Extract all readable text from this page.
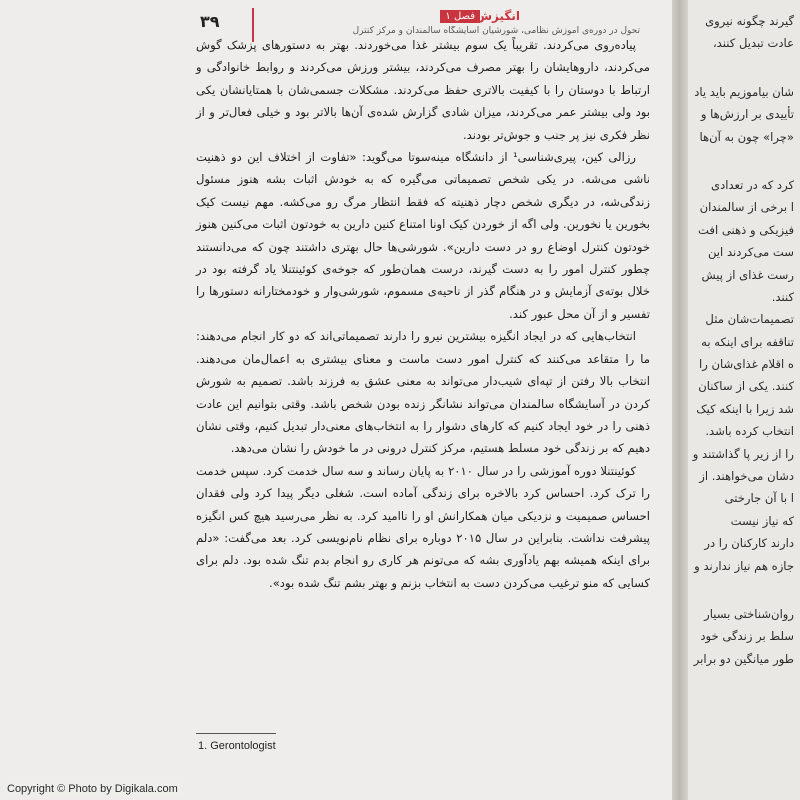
۳۹	فصل ۱ انگیزش
تحول در دوره‌ی آموزش نظامی، شورشیان آسایشگاه سالمندان و مرکز کنترل

پیاده‌روی می‌کردند. تقریباً یک سوم بیشتر غذا می‌خوردند. بهتر به دستورهای پزشک گوش می‌کردند، داروهایشان را بهتر مصرف می‌کردند، بیشتر ورزش می‌کردند و روابط خانوادگی و ارتباط با دوستان را با کیفیت بالاتری حفظ می‌کردند. مشکلات جسمی‌شان با همتایانشان یکی بود ولی بیشتر عمر می‌کردند، میزان شادی گزارش شده‌ی آن‌ها بالاتر بود و خیلی فعال‌تر و از نظر فکری نیز پر جنب و جوش‌تر بودند.

رزالی کین، پیری‌شناسی¹ از دانشگاه مینه‌سوتا می‌گوید: «تفاوت از اختلاف این دو ذهنیت ناشی می‌شه. در یکی شخص تصمیماتی می‌گیره که به خودش اثبات بشه هنوز مسئول زندگی‌شه، در دیگری شخص دچار ذهنیته که فقط انتظار مرگ رو می‌کشه. مهم نیست کیک بخورین یا نخورین. ولی اگه از خوردن کیک اونا امتناع کنین دارین به خودتون اثبات می‌کنین هنوز خودتون کنترل اوضاع رو در دست دارین». شورشی‌ها حال بهتری داشتند چون که می‌دانستند چطور کنترل امور را به دست گیرند، درست همان‌طور که جوخه‌ی کوئینتنلا یاد گرفته بود در خلال بوته‌ی آزمایش و در هنگام گذر از ناحیه‌ی مسموم، شورشی‌وار و خودمختارانه دستورها را تفسیر و از آن محل عبور کند.

انتخاب‌هایی که در ایجاد انگیزه بیشترین نیرو را دارند تصمیماتی‌اند که دو کار انجام می‌دهند: ما را متقاعد می‌کنند که کنترل امور دست ماست و معنای بیشتری به اعمال‌مان می‌دهند. انتخاب بالا رفتن از تپه‌ای شیب‌دار می‌تواند به معنی عشق به فرزند باشد. تصمیم به شورش کردن در آسایشگاه سالمندان می‌تواند نشانگر زنده بودن شخص باشد. وقتی بتوانیم این عادت ذهنی را در خود ایجاد کنیم که کارهای دشوار را به انتخاب‌های معنی‌دار تبدیل کنیم، وقتی نشان دهیم که بر زندگی خود مسلط هستیم، مرکز کنترل درونی در ما خودش را نشان می‌دهد.

کوئینتنلا دوره آموزشی را در سال ۲۰۱۰ به پایان رساند و سه سال خدمت کرد. سپس خدمت را ترک کرد. احساس کرد بالاخره برای زندگی آماده است. شغلی دیگر پیدا کرد ولی فقدان احساس صمیمیت و نزدیکی میان همکارانش او را ناامید کرد. به نظر می‌رسید هیچ کس انگیزه پیشرفت نداشت. بنابراین در سال ۲۰۱۵ دوباره برای نظام نام‌نویسی کرد. بعد می‌گفت: «دلم برای اینکه همیشه بهم یادآوری بشه که می‌تونم هر کاری رو انجام بدم تنگ شده بود. دلم برای کسایی که منو ترغیب می‌کردن دست به انتخاب بزنم و بهتر بشم تنگ شده بود».

1. Gerontologist
گیرند چگونه نیروی
عادت تبدیل کنند،
شان بیاموزیم باید یاد
تأییدی بر ارزش‌ها و
«چرا» چون به آن‌ها
کرد که در تعدادی
ا برخی از سالمندان
فیزیکی و ذهنی افت
ست می‌کردند این
رست غذای از پیش
کنند.
تصمیمات‌شان مثل
تناقفه برای اینکه به
ه اقلام غذای‌شان را
کنند. یکی از ساکنان
شد زیرا با اینکه کیک
انتخاب کرده باشد.
را از زیر پا گذاشتند و
دشان می‌خواهند. از
ا با آن جارختی
که نیاز نیست
دارند کارکنان را در
جازه هم نیاز ندارند و
روان‌شناختی بسیار
سلط بر زندگی خود
طور میانگین دو برابر
Copyright © Photo by Digikala.com
